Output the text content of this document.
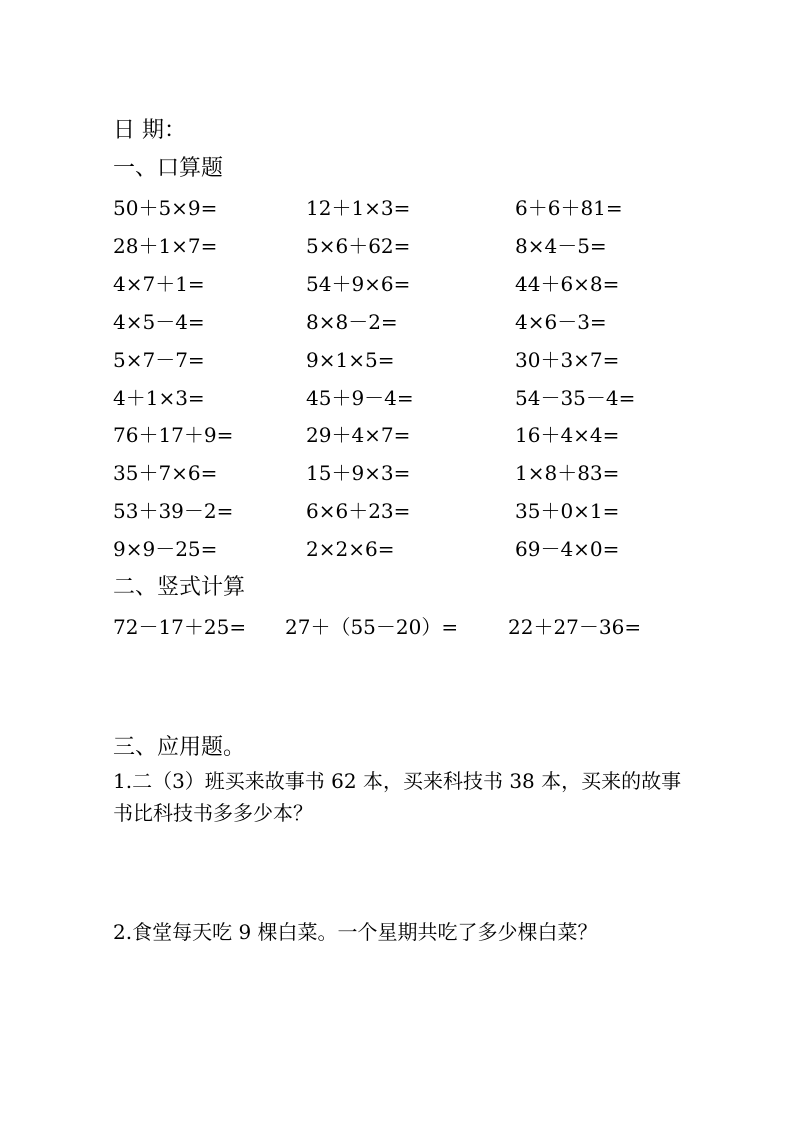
日 期：
一、口算题
50＋5×9=	12＋1×3=	6＋6＋81=
28＋1×7=	5×6＋62=	8×4－5=
4×7＋1=	54＋9×6=	44＋6×8=
4×5－4=	8×8－2=	4×6－3=
5×7－7=	9×1×5=	30＋3×7=
4＋1×3=	45＋9－4=	54－35－4=
76＋17＋9=	29＋4×7=	16＋4×4=
35＋7×6=	15＋9×3=	1×8＋83=
53＋39－2=	6×6＋23=	35＋0×1=
9×9－25=	2×2×6=	69－4×0=
二、竖式计算
72－17＋25= 27＋（55－20）= 22＋27－36=
三、应用题。
1.二（3）班买来故事书 62 本，买来科技书 38 本，买来的故事
书比科技书多多少本？
2.食堂每天吃 9 棵白菜。一个星期共吃了多少棵白菜？
